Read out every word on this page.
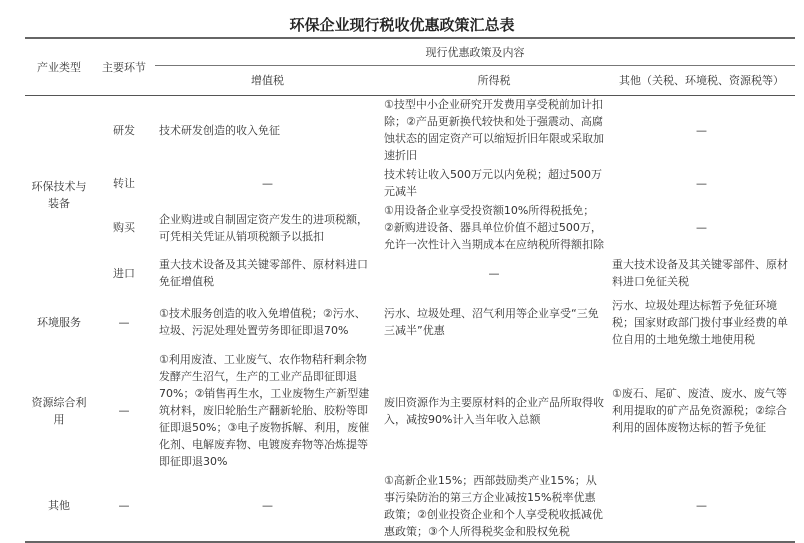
环保企业现行税收优惠政策汇总表
产业类型	主要环节	现行优惠政策及内容		
		增值税	所得税	其他（关税、环境税、资源税等）
环保技术与装备	研发	技术研发创造的收入免征	①技型中小企业研究开发费用享受税前加计扣除；②产品更新换代较快和处于强震动、高腐蚀状态的固定资产可以缩短折旧年限或采取加速折旧	—
	转让	—	技术转让收入500万元以内免税；超过500万元减半	—
	购买	企业购进或自制固定资产发生的进项税额，可凭相关凭证从销项税额予以抵扣	①用设备企业享受投资额10%所得税抵免；②新购进设备、器具单位价值不超过500万，允许一次性计入当期成本在应纳税所得额扣除	—
	进口	重大技术设备及其关键零部件、原材料进口免征增值税	—	重大技术设备及其关键零部件、原材料进口免征关税
环境服务	—	①技术服务创造的收入免增值税；②污水、垃圾、污泥处理处置劳务即征即退70%	污水、垃圾处理、沼气利用等企业享受“三免三减半”优惠	污水、垃圾处理达标暂予免征环境税；国家财政部门拨付事业经费的单位自用的土地免缴土地使用税
资源综合利用	—	①利用废渣、工业废气、农作物秸秆剩余物发酵产生沼气，生产的工业产品即征即退70%；②销售再生水，工业废物生产新型建筑材料，废旧轮胎生产翻新轮胎、胶粉等即征即退50%；③电子废物拆解、利用，废催化剂、电解废弃物、电镀废弃物等冶炼提等即征即退30%	废旧资源作为主要原材料的企业产品所取得收入，减按90%计入当年收入总额	①废石、尾矿、废渣、废水、废气等利用提取的矿产品免资源税；②综合利用的固体废物达标的暂予免征
其他	—	—	①高新企业15%；西部鼓励类产业15%；从事污染防治的第三方企业减按15%税率优惠政策；②创业投资企业和个人享受税收抵减优惠政策；③个人所得税奖金和股权免税	—
